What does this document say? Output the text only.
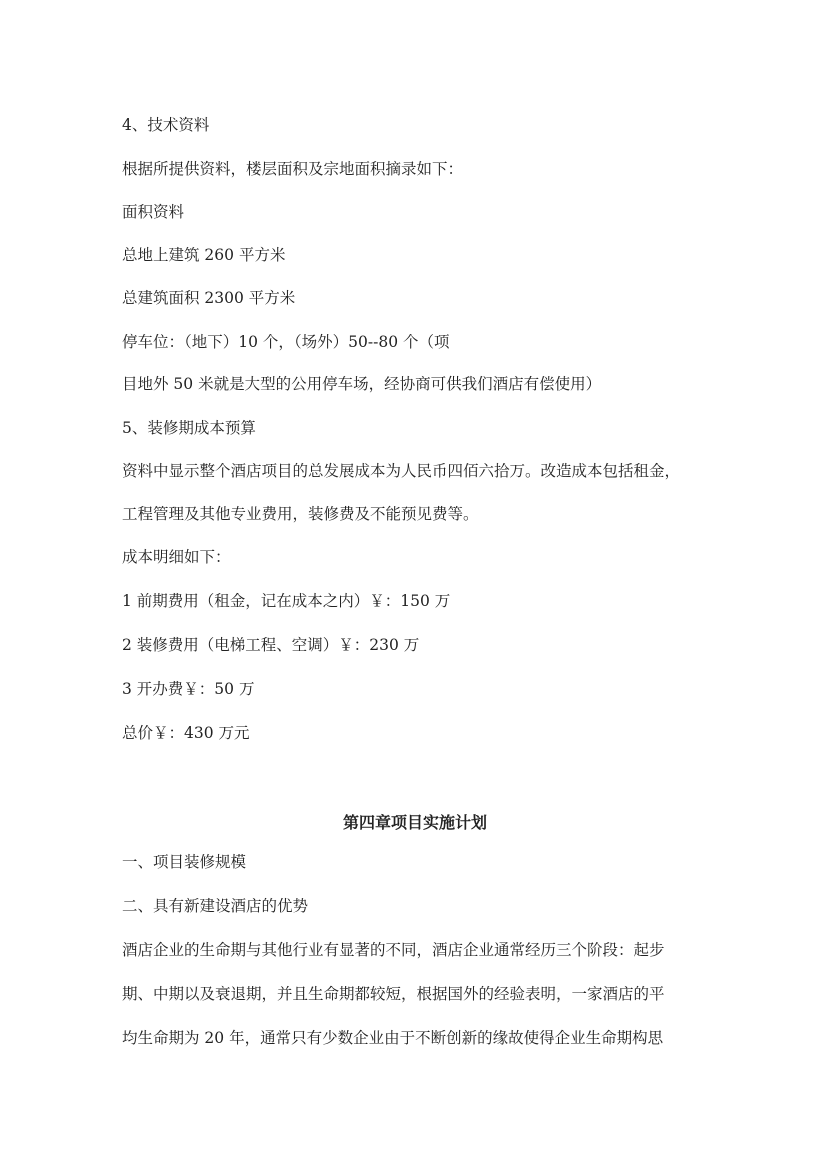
4、技术资料
根据所提供资料，楼层面积及宗地面积摘录如下：
面积资料
总地上建筑 260 平方米
总建筑面积 2300 平方米
停车位：（地下）10 个，（场外）50--80 个（项
目地外 50 米就是大型的公用停车场，经协商可供我们酒店有偿使用）
5、装修期成本预算
资料中显示整个酒店项目的总发展成本为人民币四佰六拾万。改造成本包括租金，
工程管理及其他专业费用，装修费及不能预见费等。
成本明细如下：
1 前期费用（租金，记在成本之内）￥：150 万
2 装修费用（电梯工程、空调）￥：230 万
3 开办费￥：50 万
总价￥：430 万元
第四章项目实施计划
一、项目装修规模
二、具有新建设酒店的优势
酒店企业的生命期与其他行业有显著的不同，酒店企业通常经历三个阶段：起步
期、中期以及衰退期，并且生命期都较短，根据国外的经验表明，一家酒店的平
均生命期为 20 年，通常只有少数企业由于不断创新的缘故使得企业生命期构思
